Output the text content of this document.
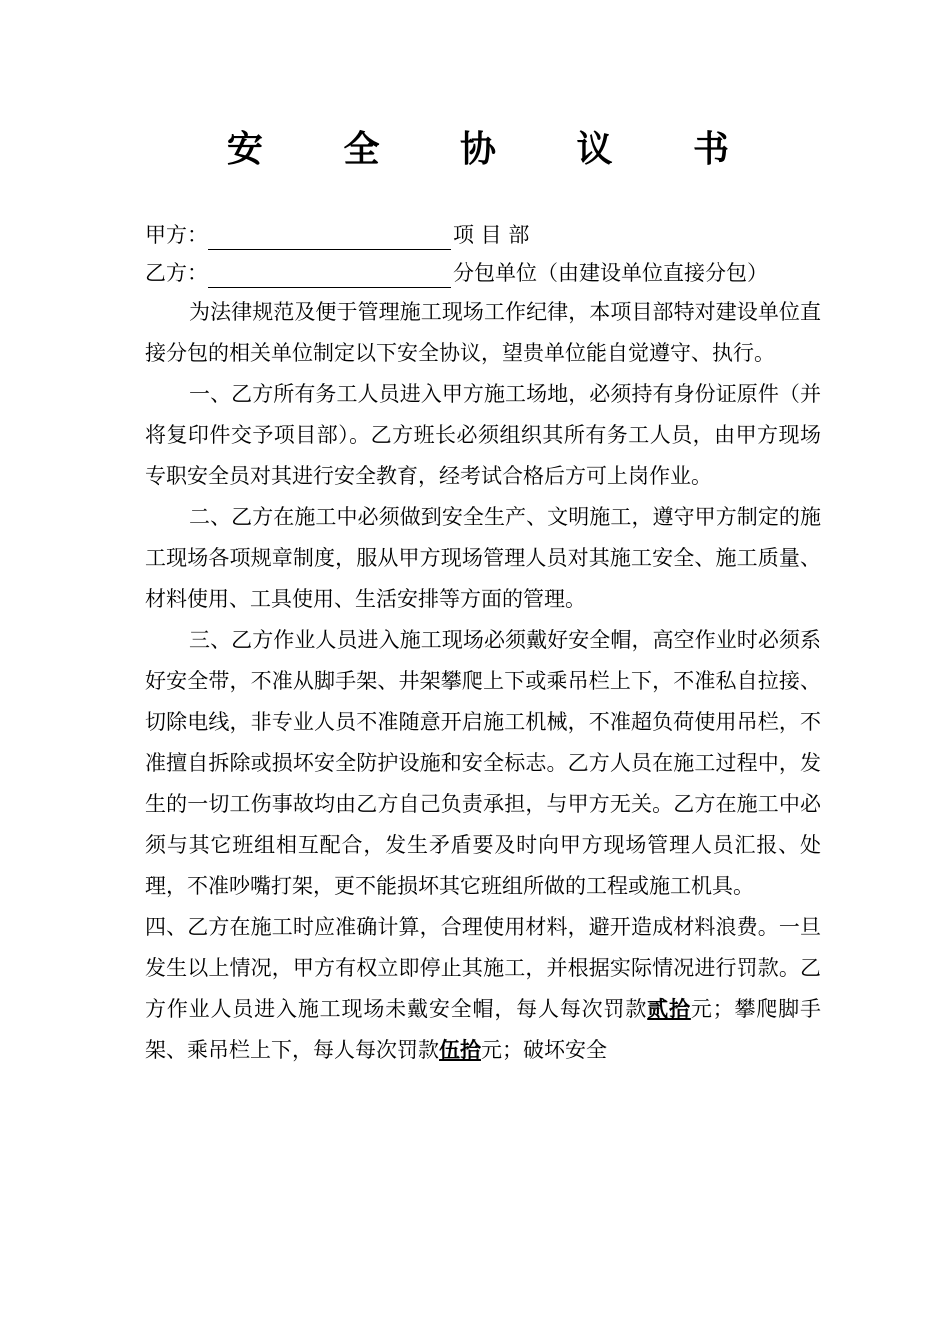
安 全 协 议 书
甲方：	项 目 部
乙方：	分包单位（由建设单位直接分包）

为法律规范及便于管理施工现场工作纪律，本项目部特对建设单位直接分包的相关单位制定以下安全协议，望贵单位能自觉遵守、执行。

一、乙方所有务工人员进入甲方施工场地，必须持有身份证原件（并将复印件交予项目部）。乙方班长必须组织其所有务工人员，由甲方现场专职安全员对其进行安全教育，经考试合格后方可上岗作业。

二、乙方在施工中必须做到安全生产、文明施工，遵守甲方制定的施工现场各项规章制度，服从甲方现场管理人员对其施工安全、施工质量、材料使用、工具使用、生活安排等方面的管理。

三、乙方作业人员进入施工现场必须戴好安全帽，高空作业时必须系好安全带，不准从脚手架、井架攀爬上下或乘吊栏上下，不准私自拉接、切除电线，非专业人员不准随意开启施工机械，不准超负荷使用吊栏，不准擅自拆除或损坏安全防护设施和安全标志。乙方人员在施工过程中，发生的一切工伤事故均由乙方自己负责承担，与甲方无关。乙方在施工中必须与其它班组相互配合，发生矛盾要及时向甲方现场管理人员汇报、处理，不准吵嘴打架，更不能损坏其它班组所做的工程或施工机具。

四、乙方在施工时应准确计算，合理使用材料，避开造成材料浪费。一旦发生以上情况，甲方有权立即停止其施工，并根据实际情况进行罚款。乙方作业人员进入施工现场未戴安全帽，每人每次罚款贰拾元；攀爬脚手架、乘吊栏上下，每人每次罚款伍拾元；破坏安全
